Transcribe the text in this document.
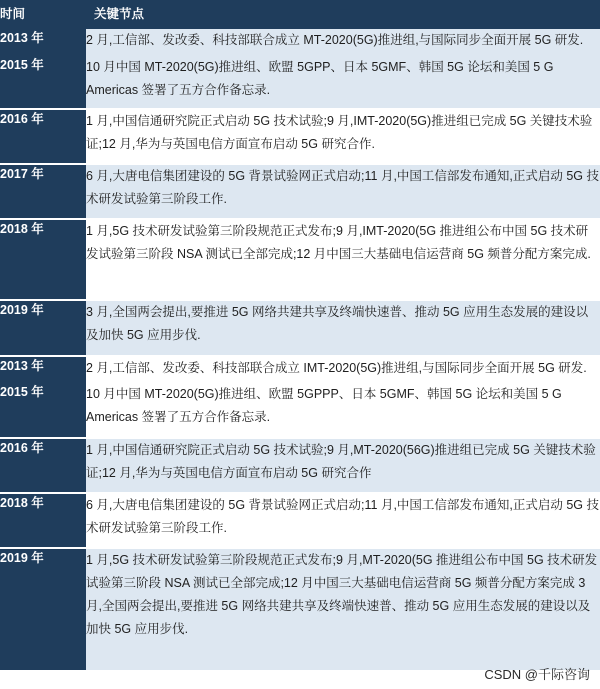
时间	关键节点
2013 年	2 月,工信部、发改委、科技部联合成立 MT-2020(5G)推进组,与国际同步全面开展 5G 研发.
2015 年	10 月中国 MT-2020(5G)推进组、欧盟 5GPP、日本 5GMF、韩国 5G 论坛和美国 5 G Americas 签署了五方合作备忘录.
2016 年	1 月,中国信通研究院正式启动 5G 技术试验;9 月,IMT-2020(5G)推进组已完成 5G 关键技术验证;12 月,华为与英国电信方面宣布启动 5G 研究合作.
2017 年	6 月,大唐电信集团建设的 5G 背景试验网正式启动;11 月,中国工信部发布通知,正式启动 5G 技术研发试验第三阶段工作.
2018 年	1 月,5G 技术研发试验第三阶段规范正式发布;9 月,IMT-2020(5G 推进组公布中国 5G 技术研发试验第三阶段 NSA 测试已全部完成;12 月中国三大基础电信运营商 5G 频普分配方案完成.
2019 年	3 月,全国两会提出,要推进 5G 网络共建共享及终端快速普、推动 5G 应用生态发展的建设以及加快 5G 应用步伐.
2013 年	2 月,工信部、发改委、科技部联合成立 IMT-2020(5G)推进组,与国际同步全面开展 5G 研发.
2015 年	10 月中国 MT-2020(5G)推进组、欧盟 5GPPP、日本 5GMF、韩国 5G 论坛和美国 5 G Americas 签署了五方合作备忘录.
2016 年	1 月,中国信通研究院正式启动 5G 技术试验;9 月,MT-2020(56G)推进组已完成 5G 关键技术验证;12 月,华为与英国电信方面宣布启动 5G 研究合作
2018 年	6 月,大唐电信集团建设的 5G 背景试验网正式启动;11 月,中国工信部发布通知,正式启动 5G 技术研发试验第三阶段工作.
2019 年	1 月,5G 技术研发试验第三阶段规范正式发布;9 月,MT-2020(5G 推进组公布中国 5G 技术研发试验第三阶段 NSA 测试已全部完成;12 月中国三大基础电信运营商 5G 频普分配方案完成 3 月,全国两会提出,要推进 5G 网络共建共享及终端快速普、推动 5G 应用生态发展的建设以及加快 5G 应用步伐.
CSDN @千际咨询
